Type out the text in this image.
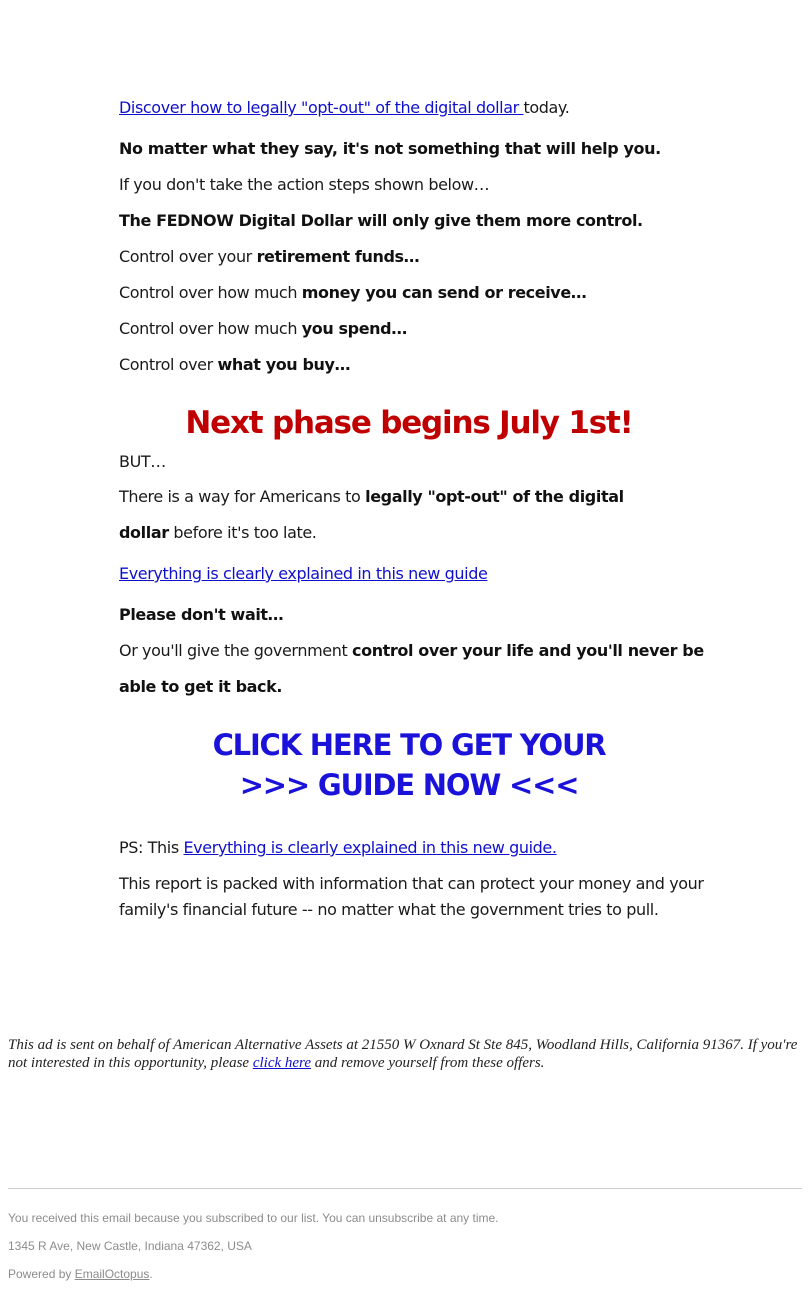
Discover how to legally "opt-out" of the digital dollar today.
No matter what they say, it's not something that will help you.
If you don't take the action steps shown below…
The FEDNOW Digital Dollar will only give them more control.
Control over your retirement funds…
Control over how much money you can send or receive…
Control over how much you spend…
Control over what you buy…
Next phase begins July 1st!
BUT…
There is a way for Americans to legally "opt-out" of the digital
dollar before it's too late.
Everything is clearly explained in this new guide
Please don't wait…
Or you'll give the government control over your life and you'll never be
able to get it back.
CLICK HERE TO GET YOUR
>>> GUIDE NOW <<<
PS: This Everything is clearly explained in this new guide.
This report is packed with information that can protect your money and your family's financial future -- no matter what the government tries to pull.
This ad is sent on behalf of American Alternative Assets at 21550 W Oxnard St Ste 845, Woodland Hills, California 91367. If you're not interested in this opportunity, please click here and remove yourself from these offers.
You received this email because you subscribed to our list. You can unsubscribe at any time.
1345 R Ave, New Castle, Indiana 47362, USA
Powered by EmailOctopus.
